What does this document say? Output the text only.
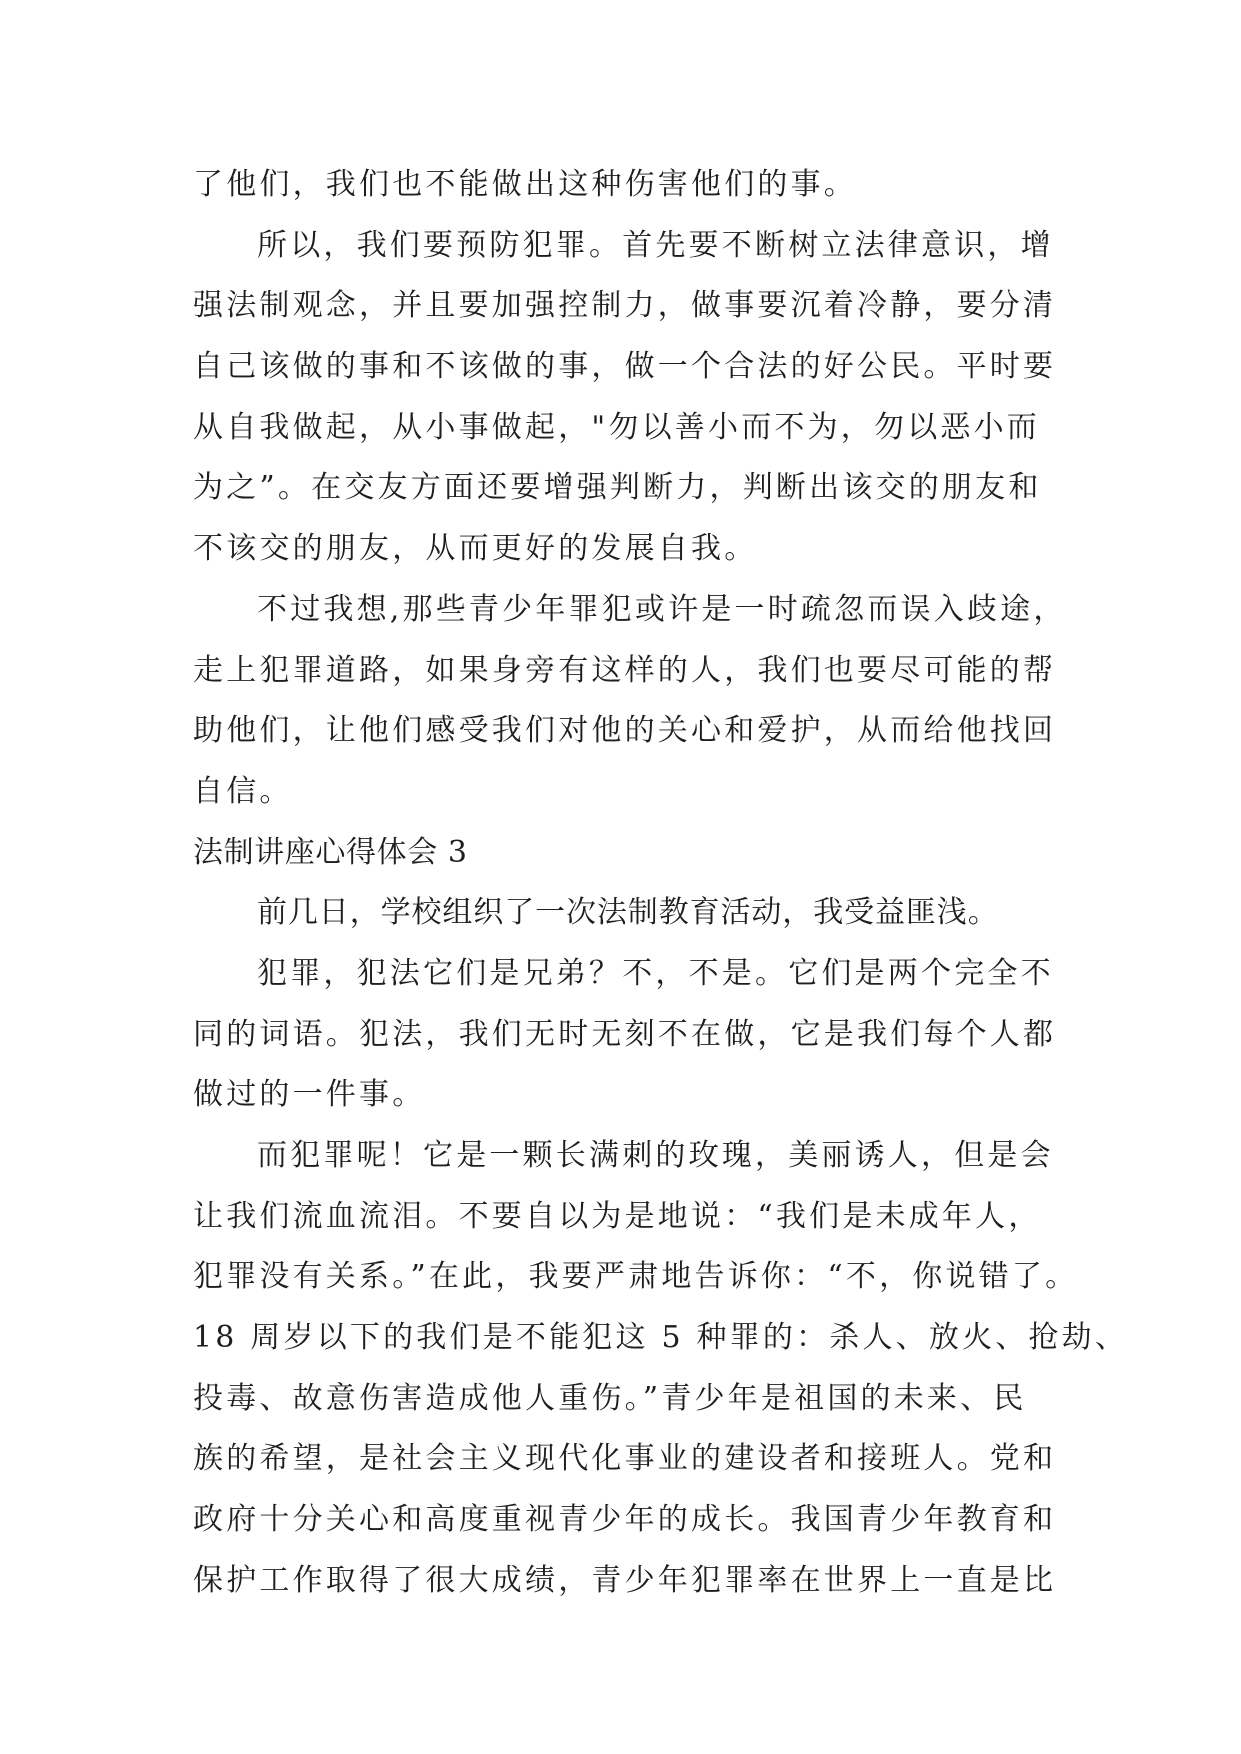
了他们，我们也不能做出这种伤害他们的事。
所以，我们要预防犯罪。首先要不断树立法律意识，增
强法制观念，并且要加强控制力，做事要沉着冷静，要分清
自己该做的事和不该做的事，做一个合法的好公民。平时要
从自我做起，从小事做起，"勿以善小而不为，勿以恶小而
为之”。在交友方面还要增强判断力，判断出该交的朋友和
不该交的朋友，从而更好的发展自我。
不过我想,那些青少年罪犯或许是一时疏忽而误入歧途，
走上犯罪道路，如果身旁有这样的人，我们也要尽可能的帮
助他们，让他们感受我们对他的关心和爱护，从而给他找回
自信。
法制讲座心得体会 3
前几日，学校组织了一次法制教育活动，我受益匪浅。
犯罪，犯法它们是兄弟？不，不是。它们是两个完全不
同的词语。犯法，我们无时无刻不在做，它是我们每个人都
做过的一件事。
而犯罪呢！它是一颗长满刺的玫瑰，美丽诱人，但是会
让我们流血流泪。不要自以为是地说：“我们是未成年人，
犯罪没有关系。”在此，我要严肃地告诉你：“不，你说错了。
18 周岁以下的我们是不能犯这 5 种罪的：杀人、放火、抢劫、
投毒、故意伤害造成他人重伤。”青少年是祖国的未来、民
族的希望，是社会主义现代化事业的建设者和接班人。党和
政府十分关心和高度重视青少年的成长。我国青少年教育和
保护工作取得了很大成绩，青少年犯罪率在世界上一直是比
